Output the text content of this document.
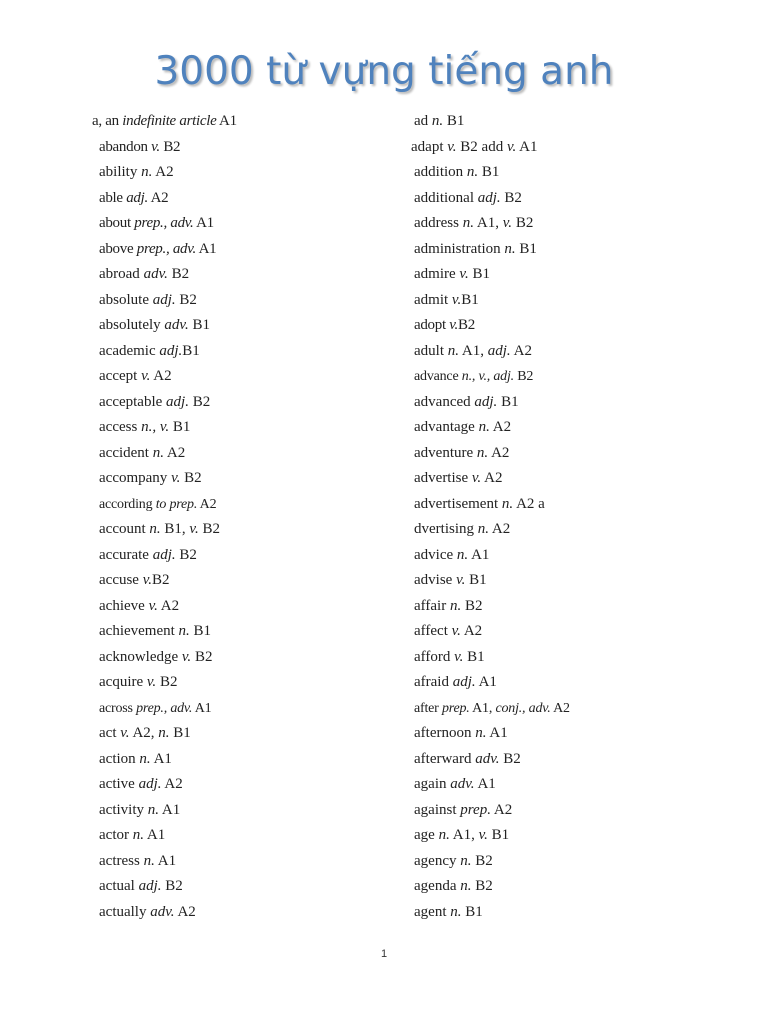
3000 từ vựng tiếng anh
a, an indefinite article A1
abandon v. B2
ability n. A2
able adj. A2
about prep., adv. A1
above prep., adv. A1
abroad adv. B2
absolute adj. B2
absolutely adv. B1
academic adj.B1
accept v. A2
acceptable adj. B2
access n., v. B1
accident n. A2
accompany v. B2
according to prep. A2
account n. B1, v. B2
accurate adj. B2
accuse v.B2
achieve v. A2
achievement n. B1
acknowledge v. B2
acquire v. B2
across prep., adv. A1
act v. A2, n. B1
action n. A1
active adj. A2
activity n. A1
actor n. A1
actress n. A1
actual adj. B2
actually adv. A2
ad n. B1
adapt v. B2 add v. A1
addition n. B1
additional adj. B2
address n. A1, v. B2
administration n. B1
admire v. B1
admit v.B1
adopt v.B2
adult n. A1, adj. A2
advance n., v., adj. B2
advanced adj. B1
advantage n. A2
adventure n. A2
advertise v. A2
advertisement n. A2 a
dvertising n. A2
advice n. A1
advise v. B1
affair n. B2
affect v. A2
afford v. B1
afraid adj. A1
after prep. A1, conj., adv. A2
afternoon n. A1
afterward adv. B2
again adv. A1
against prep. A2
age n. A1, v. B1
agency n. B2
agenda n. B2
agent n. B1
1
